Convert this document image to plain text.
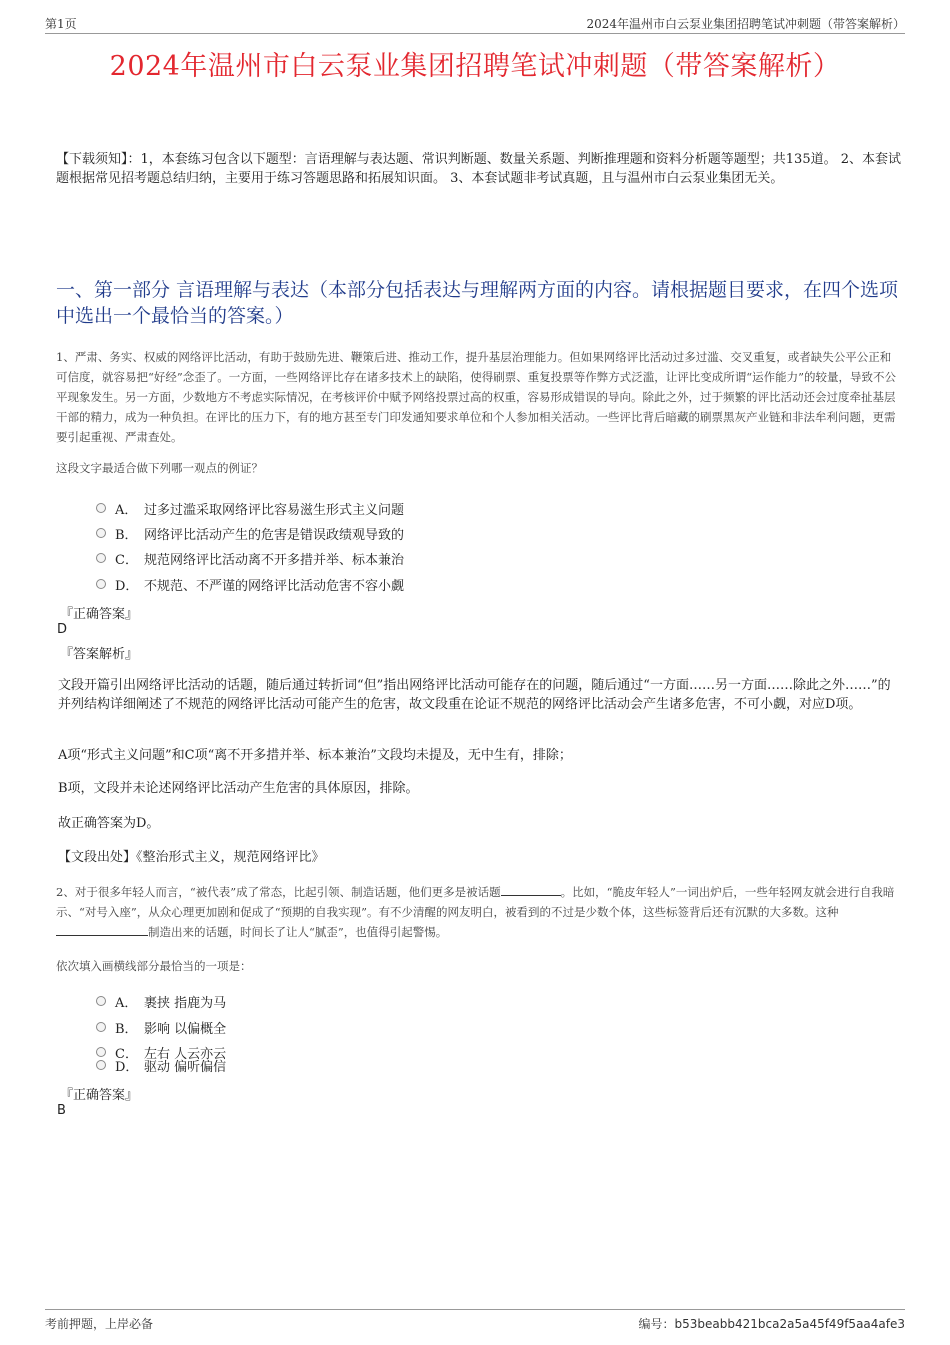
第1页	2024年温州市白云泵业集团招聘笔试冲刺题（带答案解析）
2024年温州市白云泵业集团招聘笔试冲刺题（带答案解析）
【下载须知】：1，本套练习包含以下题型：言语理解与表达题、常识判断题、数量关系题、判断推理题和资料分析题等题型；共135道。 2、本套试题根据常见招考题总结归纳，主要用于练习答题思路和拓展知识面。 3、本套试题非考试真题，且与温州市白云泵业集团无关。
一、第一部分 言语理解与表达（本部分包括表达与理解两方面的内容。请根据题目要求，在四个选项中选出一个最恰当的答案。）
1、严肃、务实、权威的网络评比活动，有助于鼓励先进、鞭策后进、推动工作，提升基层治理能力。但如果网络评比活动过多过滥、交叉重复，或者缺失公平公正和可信度，就容易把“好经”念歪了。一方面，一些网络评比存在诸多技术上的缺陷，使得刷票、重复投票等作弊方式泛滥，让评比变成所谓“运作能力”的较量，导致不公平现象发生。另一方面，少数地方不考虑实际情况，在考核评价中赋予网络投票过高的权重，容易形成错误的导向。除此之外，过于频繁的评比活动还会过度牵扯基层干部的精力，成为一种负担。在评比的压力下，有的地方甚至专门印发通知要求单位和个人参加相关活动。一些评比背后暗藏的刷票黑灰产业链和非法牟利问题，更需要引起重视、严肃查处。
这段文字最适合做下列哪一观点的例证？
A． 过多过滥采取网络评比容易滋生形式主义问题
B． 网络评比活动产生的危害是错误政绩观导致的
C． 规范网络评比活动离不开多措并举、标本兼治
D． 不规范、不严谨的网络评比活动危害不容小觑
『正确答案』
D
『答案解析』
文段开篇引出网络评比活动的话题，随后通过转折词“但”指出网络评比活动可能存在的问题，随后通过“一方面……另一方面……除此之外……”的并列结构详细阐述了不规范的网络评比活动可能产生的危害，故文段重在论证不规范的网络评比活动会产生诸多危害，不可小觑，对应D项。
A项“形式主义问题”和C项“离不开多措并举、标本兼治”文段均未提及，无中生有，排除；
B项，文段并未论述网络评比活动产生危害的具体原因，排除。
故正确答案为D。
【文段出处】《整治形式主义，规范网络评比》
2、对于很多年轻人而言，“被代表”成了常态，比起引领、制造话题，他们更多是被话题	。比如，“脆皮年轻人”一词出炉后，一些年轻网友就会进行自我暗示、“对号入座”，从众心理更加剧和促成了“预期的自我实现”。有不少清醒的网友明白，被看到的不过是少数个体，这些标签背后还有沉默的大多数。这种制造出来的话题，时间长了让人“腻歪”，也值得引起警惕。
依次填入画横线部分最恰当的一项是：
A． 裹挟 指鹿为马
B． 影响 以偏概全
C． 左右 人云亦云
D． 驱动 偏听偏信
『正确答案』
B
考前押题，上岸必备	编号：b53beabb421bca2a5a45f49f5aa4afe3
